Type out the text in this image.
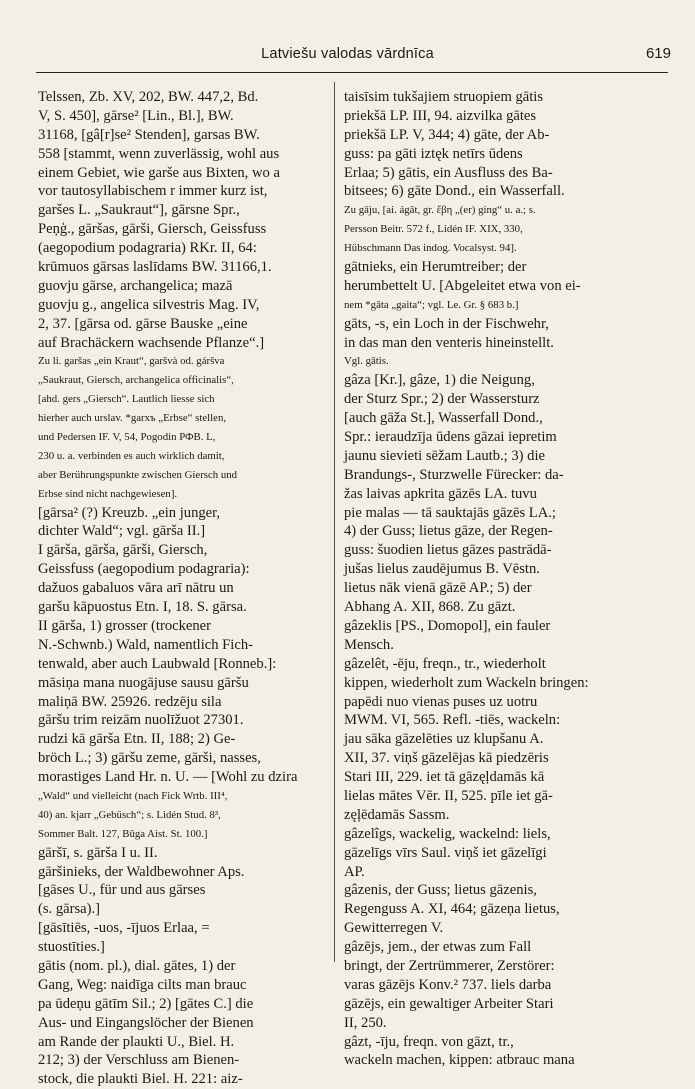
Latviešu valodas vārdnīca	619
Telssen, Zb. XV, 202, BW. 447,2, Bd.
V, S. 450], gārse² [Lin., Bl.], BW.
31168, [gâ[r]se² Stenden], garsas BW.
558 [stammt, wenn zuverlässig, wohl aus
einem Gebiet, wie garše aus Bixten, wo a
vor tautosyllabischem r immer kurz ist,
garšes L. „Saukraut“], gārsne Spr.,
Peņģ., gāršas, gārši, Giersch, Geissfuss
(aegopodium podagraria) RKr. II, 64:
krūmuos gārsas laslīdams BW. 31166,1.
guovju gārse, archangelica; mazā
guovju g., angelica silvestris Mag. IV,
2, 37. [gārsa od. gārse Bauske „eine
auf Brachäckern wachsende Pflanze“.]
Zu li. garšas „ein Kraut“, garšvà od. gáršva
„Saukraut, Giersch, archangelica officinalis“,
[ahd. gers „Giersch“. Lautlich liesse sich
hierher auch urslav. *garxъ „Erbse“ stellen,
und Pedersen IF. V, 54, Pogodin РФВ. L,
230 u. a. verbinden es auch wirklich damit,
aber Berührungspunkte zwischen Giersch und
Erbse sind nicht nachgewiesen].
[gārsa² (?) Kreuzb. „ein junger,
dichter Wald“; vgl. gārša II.]
I gārša, gārša, gārši, Giersch,
Geissfuss (aegopodium podagraria):
dažuos gabaluos vāra arī nātru un
garšu kāpuostus Etn. I, 18. S. gārsa.
II gārša, 1) grosser (trockener
N.-Schwnb.) Wald, namentlich Fich-
tenwald, aber auch Laubwald [Ronneb.]:
māsiņa mana nuogājuse sausu gāršu
maliņā BW. 25926. redzēju sila
gāršu trim reizām nuolīžuot 27301.
rudzi kā gārša Etn. II, 188; 2) Ge-
bröch L.; 3) gāršu zeme, gārši, nasses,
morastiges Land Hr. n. U. — [Wohl zu dzira
„Wald“ und vielleicht (nach Fick Wrtb. III⁴,
40) an. kjarr „Gebüsch“; s. Lidén Stud. 8³,
Sommer Balt. 127, Būga Aist. St. 100.]
gāršī, s. gārša I u. II.
gāršinieks, der Waldbewohner Aps.
[gāses U., für und aus gārses
(s. gārsa).]
[gāsītiēs, -uos, -ījuos Erlaa, =
stuostīties.]
gātis (nom. pl.), dial. gātes, 1) der
Gang, Weg: naidīga cilts man brauc
pa ūdeņu gātīm Sil.; 2) [gātes C.] die
Aus- und Eingangslöcher der Bienen
am Rande der plaukti U., Biel. H.
212; 3) der Verschluss am Bienen-
stock, die plaukti Biel. H. 221: aiz-
taisīsim tukšajiem struopiem gātis
priekšā LP. III, 94. aizvilka gātes
priekšā LP. V, 344; 4) gāte, der Ab-
guss: pa gāti iztęk netīrs ūdens
Erlaa; 5) gātis, ein Ausfluss des Ba-
bitsees; 6) gāte Dond., ein Wasserfall.
Zu gāju, [ai. ágāt, gr. ἔβη „(er) ging“ u. a.; s.
Persson Beitr. 572 f., Lidén IF. XIX, 330,
Hübschmann Das indog. Vocalsyst. 94].
gātnieks, ein Herumtreiber; der
herumbettelt U. [Abgeleitet etwa von ei-
nem *gāta „gaita“; vgl. Le. Gr. § 683 b.]
gāts, -s, ein Loch in der Fischwehr,
in das man den venteris hineinstellt.
Vgl. gātis.
gâza [Kr.], gâze, 1) die Neigung,
der Sturz Spr.; 2) der Wassersturz
[auch gāža St.], Wasserfall Dond.,
Spr.: ieraudzīja ūdens gāzai iepretim
jaunu sievieti sēžam Lautb.; 3) die
Brandungs-, Sturzwelle Fürecker: da-
žas laivas apkrita gāzēs LA. tuvu
pie malas — tā sauktajās gāzēs LA.;
4) der Guss; lietus gāze, der Regen-
guss: šuodien lietus gāzes pastrādā-
jušas lielus zaudējumus B. Vēstn.
lietus nāk vienā gāzē AP.; 5) der
Abhang A. XII, 868. Zu gāzt.
gâzeklis [PS., Domopol], ein fauler
Mensch.
gâzelêt, -ēju, freqn., tr., wiederholt
kippen, wiederholt zum Wackeln bringen:
papēdi nuo vienas puses uz uotru
MWM. VI, 565. Refl. -tiēs, wackeln:
jau sāka gāzelēties uz klupšanu A.
XII, 37. viņš gāzelējas kā piedzēris
Stari III, 229. iet tā gāzęļdamās kā
lielas mātes Vēr. II, 525. pīle iet gā-
zęļēdamās Sassm.
gâzelîgs, wackelig, wackelnd: liels,
gāzelīgs vīrs Saul. viņš iet gāzelīgi
AP.
gâzenis, der Guss; lietus gāzenis,
Regenguss A. XI, 464; gāzeņa lietus,
Gewitterregen V.
gâzējs, jem., der etwas zum Fall
bringt, der Zertrümmerer, Zerstörer:
varas gāzējs Konv.² 737. liels darba
gāzējs, ein gewaltiger Arbeiter Stari
II, 250.
gâzt, -īju, freqn. von gāzt, tr.,
wackeln machen, kippen: atbrauc mana
